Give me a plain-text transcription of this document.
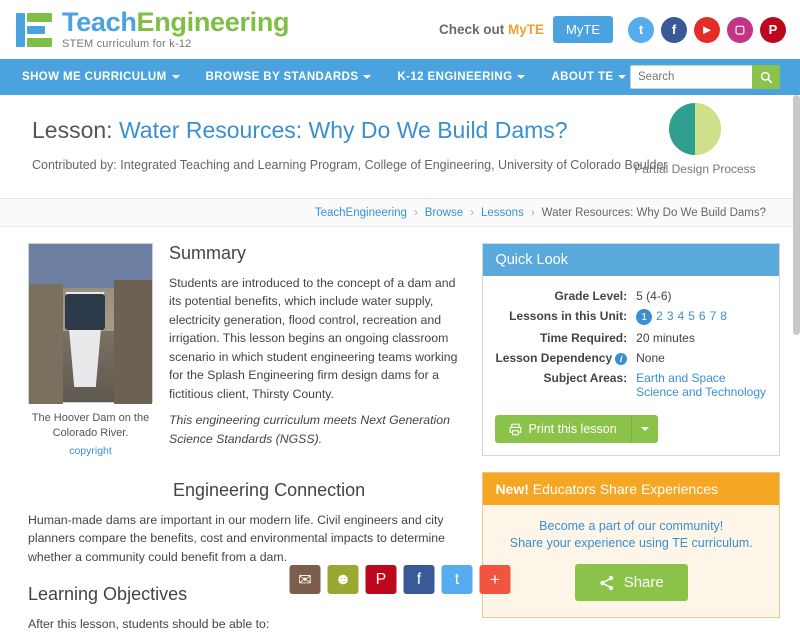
TeachEngineering
STEM curriculum for k-12
Check out MyTE	MyTE	t	f	►	▢	P
SHOW ME CURRICULUM	BROWSE BY STANDARDS	K-12 ENGINEERING	ABOUT TE
Search
Lesson: Water Resources: Why Do We Build Dams?
Contributed by: Integrated Teaching and Learning Program, College of Engineering, University of Colorado Boulder
Partial Design Process
TeachEngineering › Browse › Lessons › Water Resources: Why Do We Build Dams?
The Hoover Dam on the Colorado River.
copyright
Summary

Students are introduced to the concept of a dam and its potential benefits, which include water supply, electricity generation, flood control, recreation and irrigation. This lesson begins an ongoing classroom scenario in which student engineering teams working for the Splash Engineering firm design dams for a fictitious client, Thirsty County.

This engineering curriculum meets Next Generation Science Standards (NGSS).

Engineering Connection

Human-made dams are important in our modern life. Civil engineers and city planners compare the benefits, cost and environmental impacts to determine whether a community could benefit from a dam.

Learning Objectives

After this lesson, students should be able to:

Quick Look
Grade Level:	5 (4-6)
Lessons in this Unit:	1 2 3 4 5 6 7 8
Time Required:	20 minutes
Lesson Dependency i	None
Subject Areas:	Earth and Space
Science and Technology
Print this lesson
New! Educators Share Experiences
Become a part of our community!
Share your experience using TE curriculum.
Share
✉	☻	P	f	t	+
